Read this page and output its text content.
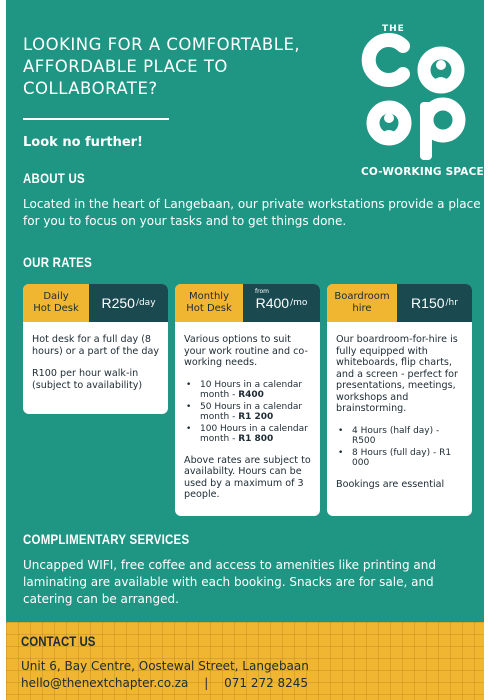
LOOKING FOR A COMFORTABLE,
AFFORDABLE PLACE TO
COLLABORATE?
Look no further!
THE
CO-WORKING SPACE
ABOUT US

Located in the heart of Langebaan, our private workstations provide a place for you to focus on your tasks and to get things done.

OUR RATES
Daily
Hot Desk R250 /day

Hot desk for a full day (8 hours) or a part of the day

R100 per hour walk-in (subject to availability)

Monthly
Hot Desk
from
R400 /mo

Various options to suit your work routine and co-working needs.

• 10 Hours in a calendar month - R400
• 50 Hours in a calendar month - R1 200
• 100 Hours in a calendar month - R1 800

Above rates are subject to availabilty. Hours can be used by a maximum of 3 people.

Boardroom
hire	R150 /hr

Our boardroom-for-hire is fully equipped with whiteboards, flip charts, and a screen - perfect for presentations, meetings, workshops and brainstorming.

• 4 Hours (half day) - R500
• 8 Hours (full day) - R1 000

Bookings are essential

COMPLIMENTARY SERVICES

Uncapped WIFI, free coffee and access to amenities like printing and laminating are available with each booking. Snacks are for sale, and catering can be arranged.

CONTACT US
Unit 6, Bay Centre, Oostewal Street, Langebaan
hello@thenextchapter.co.za | 071 272 8245
